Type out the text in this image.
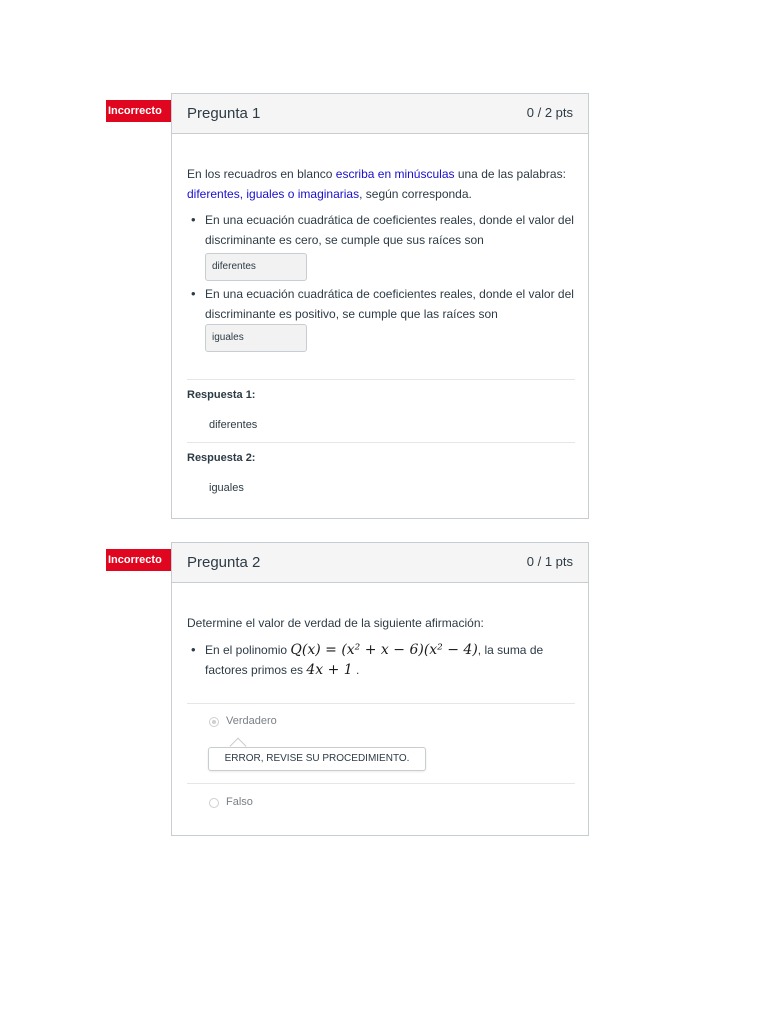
Incorrecto	Pregunta 1	0 / 2 pts
En los recuadros en blanco escriba en minúsculas una de las palabras: diferentes, iguales o imaginarias, según corresponda.
• En una ecuación cuadrática de coeficientes reales, donde el valor del discriminante es cero, se cumple que sus raíces son
diferentes
• En una ecuación cuadrática de coeficientes reales, donde el valor del discriminante es positivo, se cumple que las raíces son iguales
Respuesta 1:
diferentes
Respuesta 2:
iguales
Incorrecto	Pregunta 2	0 / 1 pts
Determine el valor de verdad de la siguiente afirmación:
• En el polinomio Q(x) = (x² + x − 6)(x² − 4), la suma de factores primos es 4x + 1 .
Verdadero
ERROR, REVISE SU PROCEDIMIENTO.
Falso
